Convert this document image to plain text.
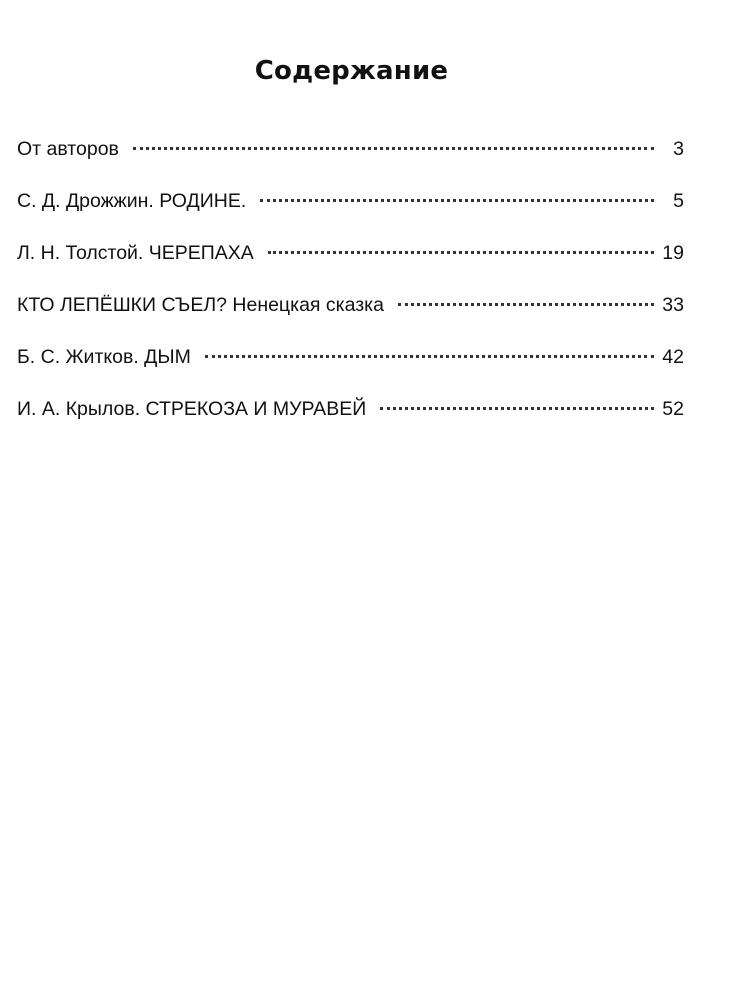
Содержание
От авторов	3
С. Д. Дрожжин. РОДИНЕ.	5
Л. Н. Толстой. ЧЕРЕПАХА	19
КТО ЛЕПЁШКИ СЪЕЛ? Ненецкая сказка	33
Б. С. Житков. ДЫМ	42
И. А. Крылов. СТРЕКОЗА И МУРАВЕЙ	52
